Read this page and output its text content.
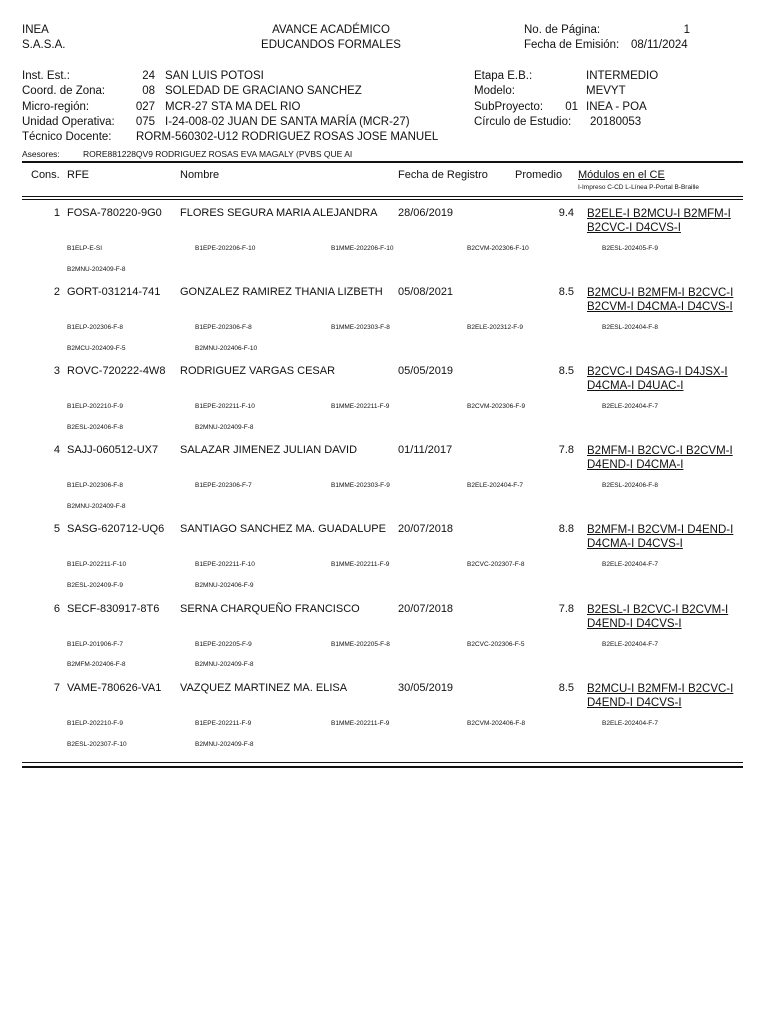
INEA
S.A.S.A.
AVANCE ACADÉMICO
EDUCANDOS FORMALES
No. de Página:	1
Fecha de Emisión: 08/11/2024
Inst. Est.:	24 SAN LUIS POTOSI
Coord. de Zona:	08 SOLEDAD DE GRACIANO SANCHEZ
Micro-región:	027 MCR-27 STA MA DEL RIO
Unidad Operativa:	075 I-24-008-02 JUAN DE SANTA MARÍA (MCR-27)
Técnico Docente: RORM-560302-U12 RODRIGUEZ ROSAS JOSE MANUEL
Asesores:	RORE881228QV9 RODRIGUEZ ROSAS EVA MAGALY (PVBS QUE AI
Etapa E.B.:	INTERMEDIO
Modelo:	MEVYT
SubProyecto:	01 INEA - POA
Círculo de Estudio: 20180053
Cons. RFE	Nombre	Fecha de Registro Promedio Módulos en el CE
I-Impreso C-CD L-Línea P-Portal B-Braille
1 FOSA-780220-9G0 FLORES SEGURA MARIA ALEJANDRA 28/06/2019	9.4 B2ELE-I B2MCU-I B2MFM-I B2CVC-I D4CVS-I
B1ELP-E-SI	B1EPE-202206-F-10	B1MME-202206-F-10	B2CVM-202306-F-10	B2ESL-202405-F-9
B2MNU-202409-F-8
2 GORT-031214-741 GONZALEZ RAMIREZ THANIA LIZBETH 05/08/2021	8.5 B2MCU-I B2MFM-I B2CVC-I B2CVM-I D4CMA-I D4CVS-I
B1ELP-202306-F-8	B1EPE-202306-F-8	B1MME-202303-F-8	B2ELE-202312-F-9	B2ESL-202404-F-8
B2MCU-202409-F-5	B2MNU-202406-F-10
3 ROVC-720222-4W8 RODRIGUEZ VARGAS CESAR	05/05/2019	8.5 B2CVC-I D4SAG-I D4JSX-I D4CMA-I D4UAC-I
B1ELP-202210-F-9	B1EPE-202211-F-10	B1MME-202211-F-9	B2CVM-202306-F-9	B2ELE-202404-F-7
B2ESL-202406-F-8	B2MNU-202409-F-8
4 SAJJ-060512-UX7 SALAZAR JIMENEZ JULIAN DAVID	01/11/2017	7.8 B2MFM-I B2CVC-I B2CVM-I D4END-I D4CMA-I
B1ELP-202306-F-8	B1EPE-202306-F-7	B1MME-202303-F-9	B2ELE-202404-F-7	B2ESL-202406-F-8
B2MNU-202409-F-8
5 SASG-620712-UQ6 SANTIAGO SANCHEZ MA. GUADALUPE 20/07/2018	8.8 B2MFM-I B2CVM-I D4END-I D4CMA-I D4CVS-I
B1ELP-202211-F-10	B1EPE-202211-F-10	B1MME-202211-F-9	B2CVC-202307-F-8	B2ELE-202404-F-7
B2ESL-202409-F-9	B2MNU-202406-F-9
6 SECF-830917-8T6 SERNA CHARQUEÑO FRANCISCO	20/07/2018	7.8 B2ESL-I B2CVC-I B2CVM-I D4END-I D4CVS-I
B1ELP-201906-F-7	B1EPE-202205-F-9	B1MME-202205-F-8	B2CVC-202306-F-5	B2ELE-202404-F-7
B2MFM-202406-F-8	B2MNU-202409-F-8
7 VAME-780626-VA1 VAZQUEZ MARTINEZ MA. ELISA	30/05/2019	8.5 B2MCU-I B2MFM-I B2CVC-I D4END-I D4CVS-I
B1ELP-202210-F-9	B1EPE-202211-F-9	B1MME-202211-F-9	B2CVM-202406-F-8	B2ELE-202404-F-7
B2ESL-202307-F-10	B2MNU-202409-F-8
